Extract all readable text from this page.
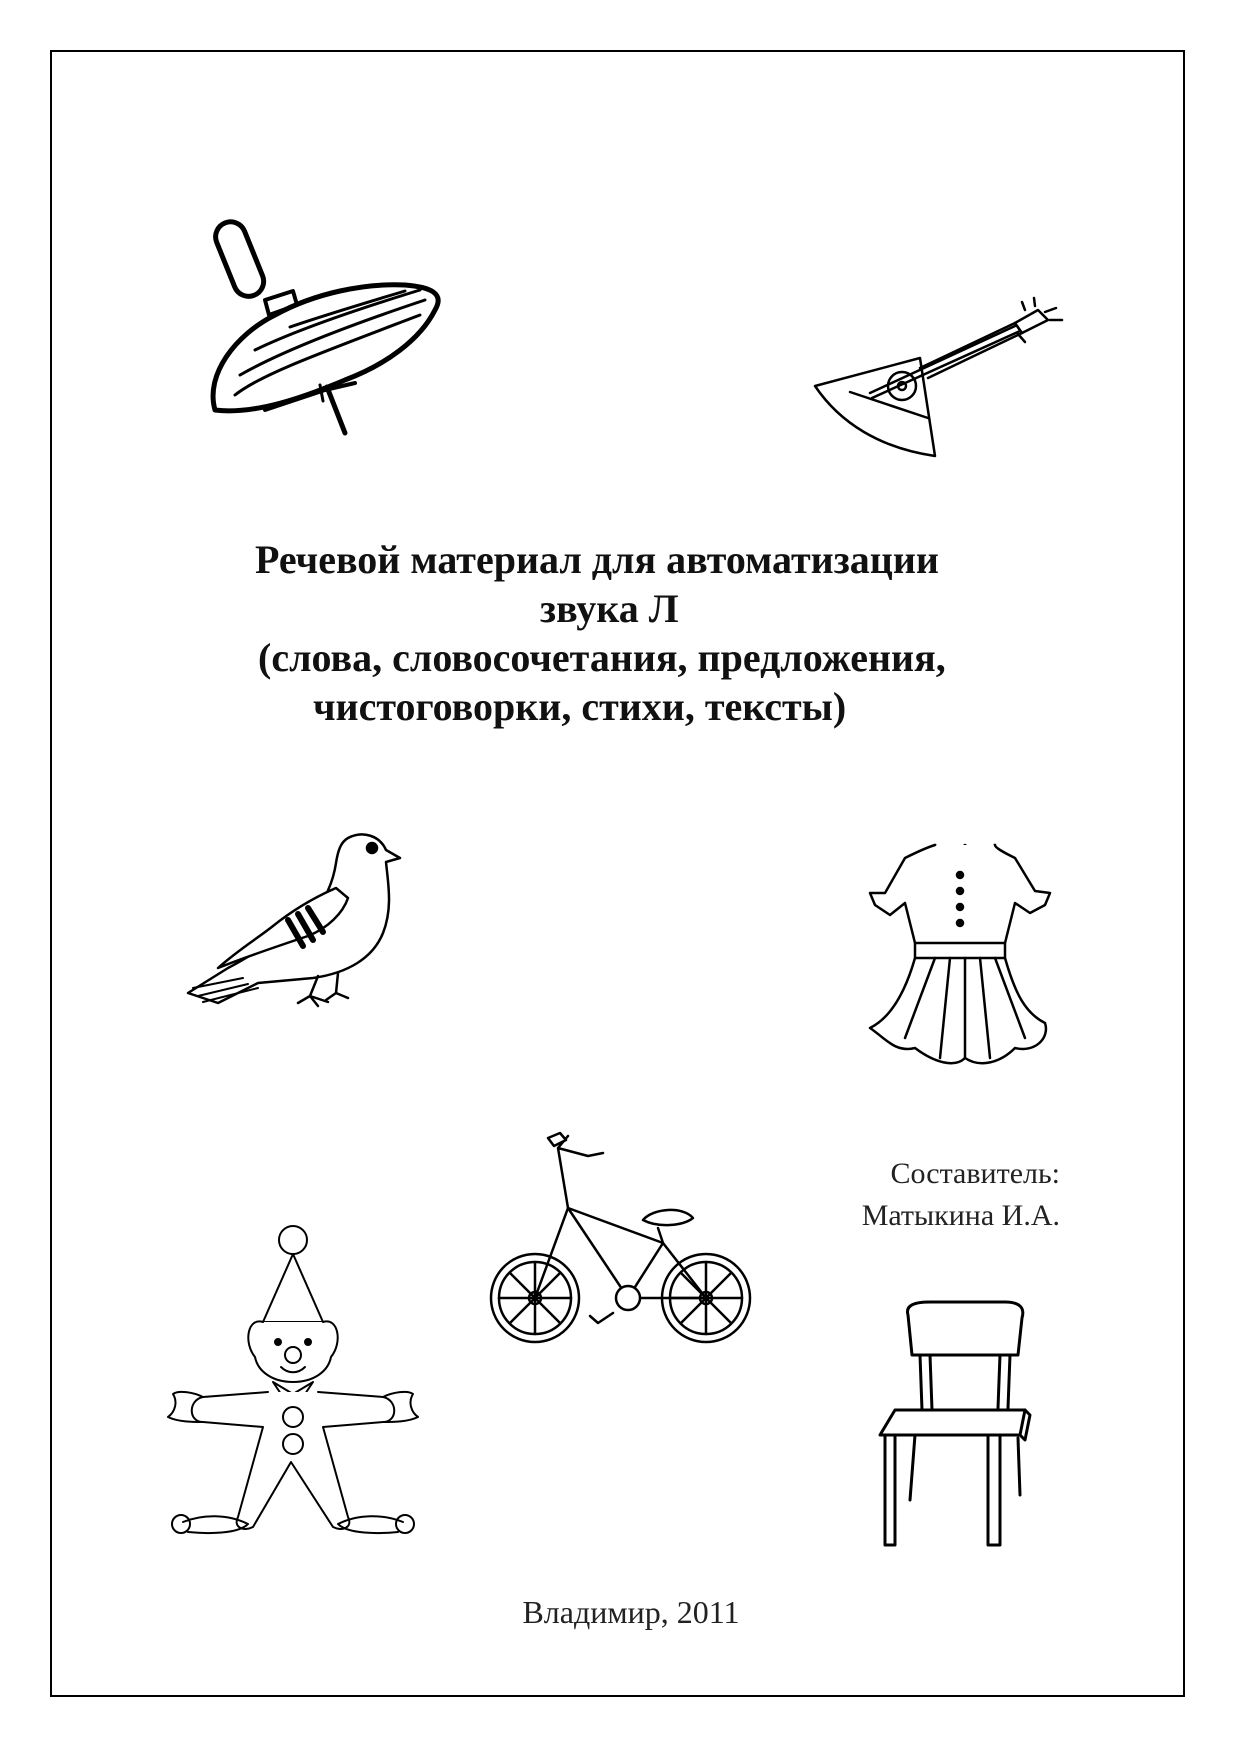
Речевой материал для автоматизации
звука Л
(слова, словосочетания, предложения,
чистоговорки, стихи, тексты)
Составитель:
Матыкина И.А.
Владимир, 2011
